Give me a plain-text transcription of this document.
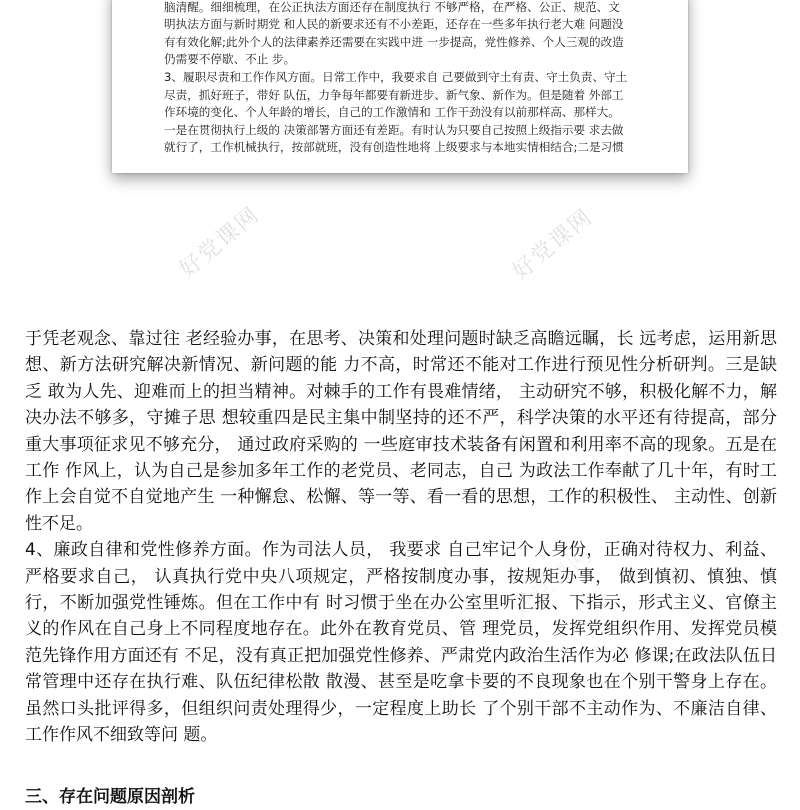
脑清醒。细细梳理，在公正执法方面还存在制度执行 不够严格，在严格、公正、规范、文

明执法方面与新时期党 和人民的新要求还有不小差距，还存在一些多年执行老大难 问题没

有有效化解;此外个人的法律素养还需要在实践中进 一步提高，党性修养、个人三观的改造

仍需要不停歇、不止 步。

3、履职尽责和工作作风方面。日常工作中，我要求自 己要做到守土有责、守土负责、守土

尽责，抓好班子，带好 队伍，力争每年都要有新进步、新气象、新作为。但是随着 外部工

作环境的变化、个人年龄的增长，自己的工作激情和 工作干劲没有以前那样高、那样大。

一是在贯彻执行上级的 决策部署方面还有差距。有时认为只要自己按照上级指示要 求去做

就行了，工作机械执行，按部就班，没有创造性地将 上级要求与本地实情相结合;二是习惯

好党课网	好党课网
好党课网

于凭老观念、靠过往 老经验办事，在思考、决策和处理问题时缺乏高瞻远瞩，长 远考虑，运用新思想、新方法研究解决新情况、新问题的能 力不高，时常还不能对工作进行预见性分析研判。三是缺乏 敢为人先、迎难而上的担当精神。对棘手的工作有畏难情绪， 主动研究不够，积极化解不力，解决办法不够多，守摊子思 想较重四是民主集中制坚持的还不严，科学决策的水平还有待提高，部分重大事项征求见不够充分， 通过政府采购的 一些庭审技术装备有闲置和利用率不高的现象。五是在工作 作风上，认为自己是参加多年工作的老党员、老同志，自己 为政法工作奉献了几十年，有时工作上会自觉不自觉地产生 一种懈怠、松懈、等一等、看一看的思想，工作的积极性、 主动性、创新性不足。

4、廉政自律和党性修养方面。作为司法人员， 我要求 自己牢记个人身份，正确对待权力、利益、严格要求自己， 认真执行党中央八项规定，严格按制度办事，按规矩办事， 做到慎初、慎独、慎行，不断加强党性锤炼。但在工作中有 时习惯于坐在办公室里听汇报、下指示，形式主义、官僚主 义的作风在自己身上不同程度地存在。此外在教育党员、管 理党员，发挥党组织作用、发挥党员模范先锋作用方面还有 不足，没有真正把加强党性修养、严肃党内政治生活作为必 修课;在政法队伍日常管理中还存在执行难、队伍纪律松散 散漫、甚至是吃拿卡要的不良现象也在个别干警身上存在。 虽然口头批评得多，但组织问责处理得少，一定程度上助长 了个别干部不主动作为、不廉洁自律、工作作风不细致等问 题。

三、存在问题原因剖析
